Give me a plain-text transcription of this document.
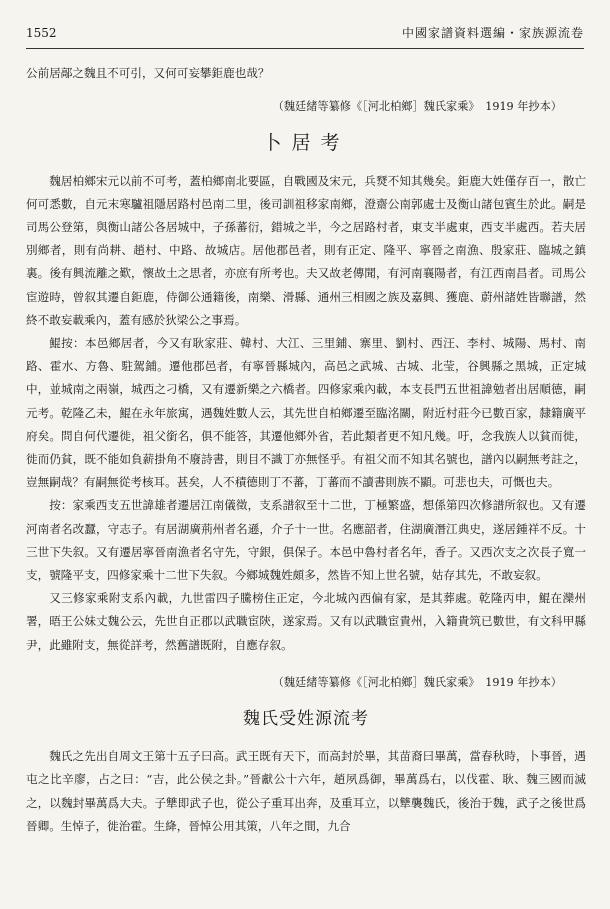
1552	中國家譜資料選編・家族源流卷

公前居鄗之魏且不可引，又何可妄攀鉅鹿也哉？

（魏廷緒等纂修《［河北柏鄉］魏氏家乘》　1919 年抄本）

卜居考

魏居柏鄉宋元以前不可考，蓋柏鄉南北要區，自戰國及宋元，兵燹不知其幾矣。鉅鹿大姓僅存百一，散亡何可悉數，自元末寒驢祖隱居路村邑南二里，後司訓祖移家南鄉，澄齋公南郭處士及衡山諸包賓生於此。嗣是司馬公登第，與衡山諸公各居城中，子孫蕃衍，錯城之半，今之居路村者，東支半處東，西支半處西。若夫居別鄉者，則有尚耕、趙村、中路、故城店。居他郡邑者，則有正定、隆平、寧晉之南漁、殷家莊、臨城之鎮裏。後有興流離之歎，懷故土之思者，亦庶有所考也。夫又故老傳聞，有河南襄陽者，有江西南昌者。司馬公宦遊時，曾叙其遷自鉅鹿，侍御公通籍後，南樂、滑縣、通州三相國之族及嘉興、獲鹿、蔚州諸姓皆聯譜，然終不敢妄載乘內，蓋有感於狄梁公之事焉。

鯤按：本邑鄉居者，今又有耿家莊、韓村、大江、三里鋪、寨里、劉村、西汪、李村、城陽、馬村、南路、霍水、方魯、駐駕鋪。遷他郡邑者，有寧晉縣城內，高邑之武城、古城、北莹，谷興縣之黑城，正定城中，並城南之兩嶺，城西之刁橋，又有遷新樂之六橋者。四修家乘內載，本支長門五世祖諱勉者出居順德，嗣元考。乾隆乙未，鯤在永年旅寓，遇魏姓數人云，其先世自柏鄉遷至臨洺關，附近村莊今已數百家，隸籍廣平府矣。問自何代遷徙，祖父銜名，俱不能答，其遷他鄉外省，若此類者更不知凡幾。吁，念我族人以貧而徙，徙而仍貧，既不能如負薪掛角不廢詩書，則目不識丁亦無怪乎。有祖父而不知其名號也，譜內以嗣無考註之，豈無嗣哉？有嗣無從考核耳。甚矣，人不積德則丁不蕃，丁蕃而不讀書則族不顯。可悲也夫，可慨也夫。

按：家乘西支五世諱雄者遷居江南儀徵，支系譜叙至十二世，丁極繁盛，想係第四次修譜所叙也。又有遷河南者名改蠶，守志子。有居湖廣荊州者名遜，介子十一世。名應韶者，住湖廣潛江典史，遂居鍾祥不反。十三世下失叙。又有遷居寧晉南漁者名守先，守銀，俱保子。本邑中魯村者名年，香子。又西次支之次長子寬一支，號隆平支，四修家乘十二世下失叙。今鄉城魏姓頗多，然皆不知上世名號，姑存其先，不敢妄叙。

又三修家乘附支系內載，九世雷四子騰榜住正定，今北城內西偏有家，是其葬處。乾隆丙申，鯤在灤州署，晤王公妹丈魏公云，先世自正郡以武職宦陝，遂家焉。又有以武職宦貴州，入籍貴筑已數世，有文科甲縣尹，此雖附支，無從詳考，然舊譜既附，自應存叙。

（魏廷緒等纂修《［河北柏鄉］魏氏家乘》　1919 年抄本）

魏氏受姓源流考

魏氏之先出自周文王第十五子曰高。武王既有天下，而高封於畢，其苗裔曰畢萬，當春秋時，卜事晉，遇屯之比辛廖，占之曰：“吉，此公侯之卦。”晉獻公十六年，趙夙爲御，畢萬爲右，以伐霍、耿、魏三國而滅之，以魏封畢萬爲大夫。子犨即武子也，從公子重耳出奔，及重耳立，以犨襲魏氏，後治于魏，武子之後世爲晉卿。生悼子，徙治霍。生絳，晉悼公用其策，八年之間，九合
